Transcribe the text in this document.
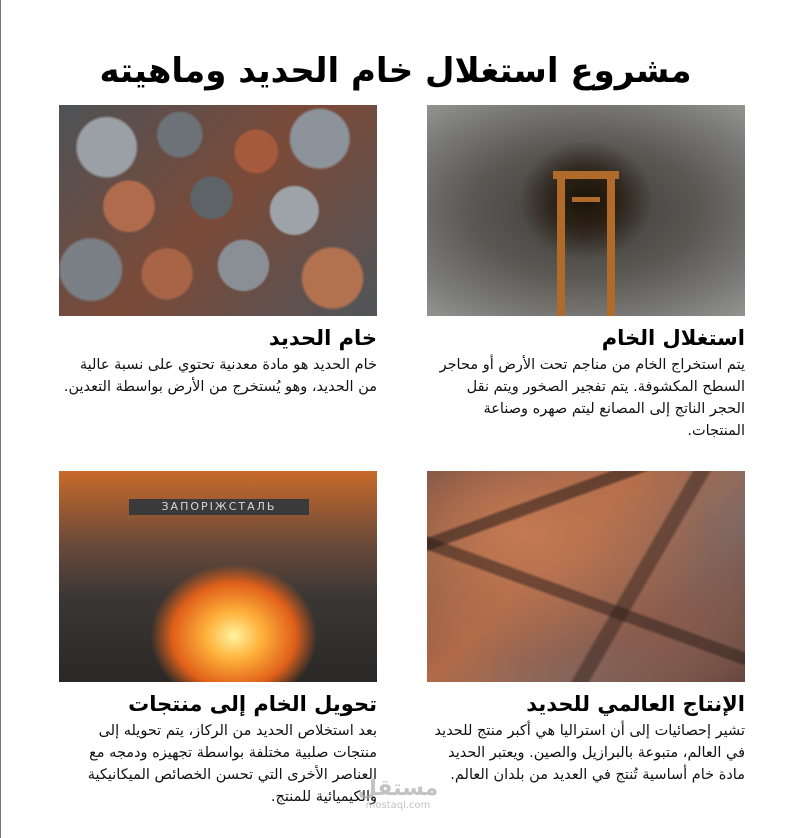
مشروع استغلال خام الحديد وماهيته
استغلال الخام

يتم استخراج الخام من مناجم تحت الأرض أو محاجر السطح المكشوفة. يتم تفجير الصخور ويتم نقل الحجر الناتج إلى المصانع ليتم صهره وصناعة المنتجات.

خام الحديد

خام الحديد هو مادة معدنية تحتوي على نسبة عالية من الحديد، وهو يُستخرج من الأرض بواسطة التعدين.

الإنتاج العالمي للحديد

تشير إحصائيات إلى أن استراليا هي أكبر منتج للحديد في العالم، متبوعة بالبرازيل والصين. ويعتبر الحديد مادة خام أساسية تُنتج في العديد من بلدان العالم.

ЗАПОРІЖСТАЛЬ
تحويل الخام إلى منتجات

بعد استخلاص الحديد من الركاز، يتم تحويله إلى منتجات صلبية مختلفة بواسطة تجهيزه ودمجه مع العناصر الأخرى التي تحسن الخصائص الميكانيكية والكيميائية للمنتج.

مستقل
mostaql.com
